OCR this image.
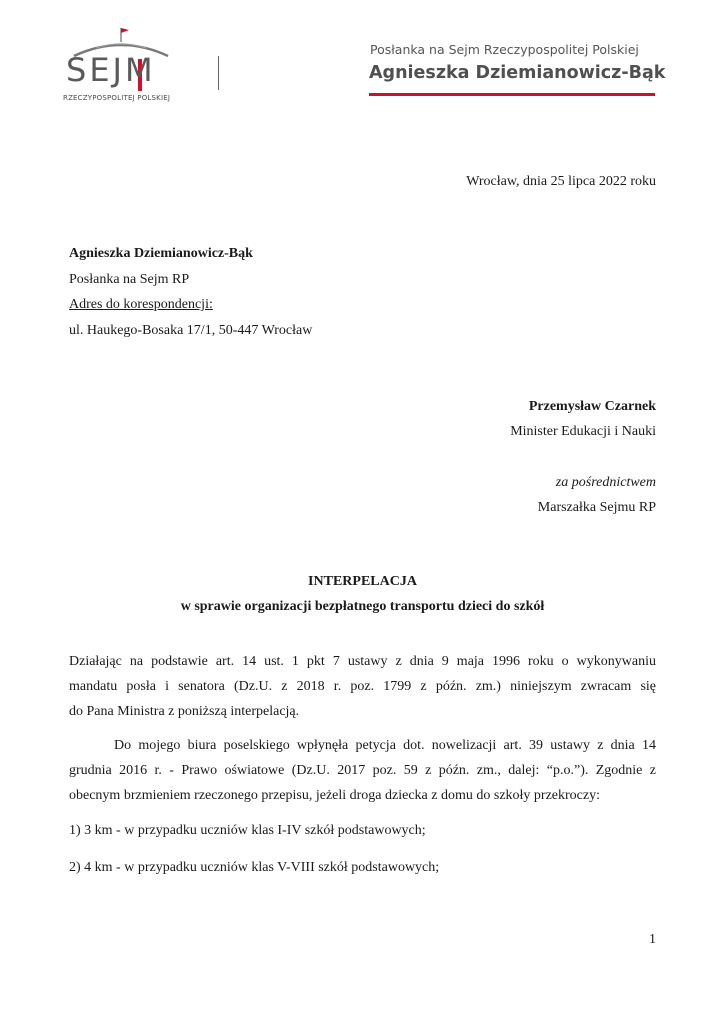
SEJM
RZECZYPOSPOLITEJ POLSKIEJ
Posłanka na Sejm Rzeczypospolitej Polskiej
Agnieszka Dziemianowicz-Bąk
Wrocław, dnia 25 lipca 2022 roku
Agnieszka Dziemianowicz-Bąk
Posłanka na Sejm RP
Adres do korespondencji:
ul. Haukego-Bosaka 17/1, 50-447 Wrocław
Przemysław Czarnek
Minister Edukacji i Nauki
za pośrednictwem
Marszałka Sejmu RP
INTERPELACJA
w sprawie organizacji bezpłatnego transportu dzieci do szkół
Działając na podstawie art. 14 ust. 1 pkt 7 ustawy z dnia 9 maja 1996 roku o wykonywaniu
mandatu posła i senatora (Dz.U. z 2018 r. poz. 1799 z późn. zm.) niniejszym zwracam się
do Pana Ministra z poniższą interpelacją.
Do mojego biura poselskiego wpłynęła petycja dot. nowelizacji art. 39 ustawy z dnia 14
grudnia 2016 r. - Prawo oświatowe (Dz.U. 2017 poz. 59 z późn. zm., dalej: “p.o.”). Zgodnie z
obecnym brzmieniem rzeczonego przepisu, jeżeli droga dziecka z domu do szkoły przekroczy:
1) 3 km - w przypadku uczniów klas I-IV szkół podstawowych;
2) 4 km - w przypadku uczniów klas V-VIII szkół podstawowych;
1
